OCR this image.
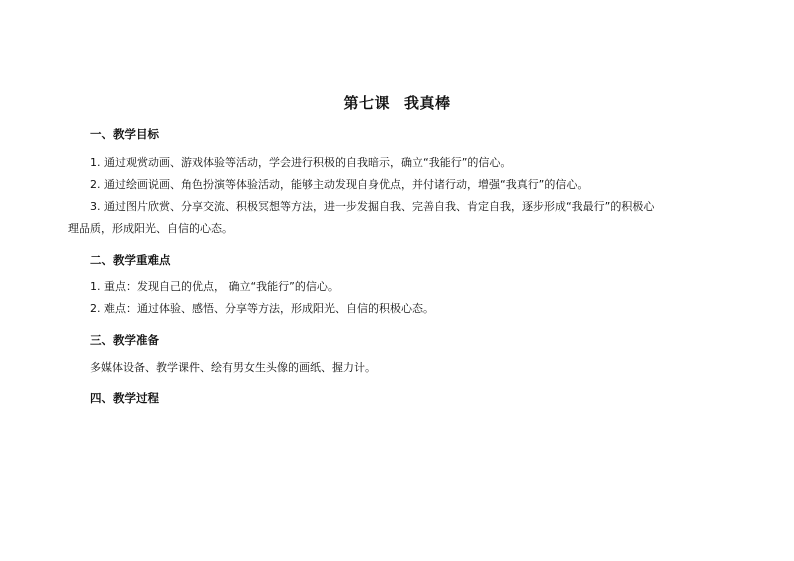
第七课 我真棒
一、教学目标
1. 通过观赏动画、游戏体验等活动，学会进行积极的自我暗示，确立“我能行”的信心。
2. 通过绘画说画、角色扮演等体验活动，能够主动发现自身优点，并付诸行动，增强“我真行”的信心。
3. 通过图片欣赏、分享交流、积极冥想等方法，进一步发掘自我、完善自我、肯定自我，逐步形成“我最行”的积极心
理品质，形成阳光、自信的心态。
二、教学重难点
1. 重点：发现自己的优点， 确立“我能行”的信心。
2. 难点：通过体验、感悟、分享等方法，形成阳光、自信的积极心态。
三、教学准备
多媒体设备、教学课件、绘有男女生头像的画纸、握力计。
四、教学过程
